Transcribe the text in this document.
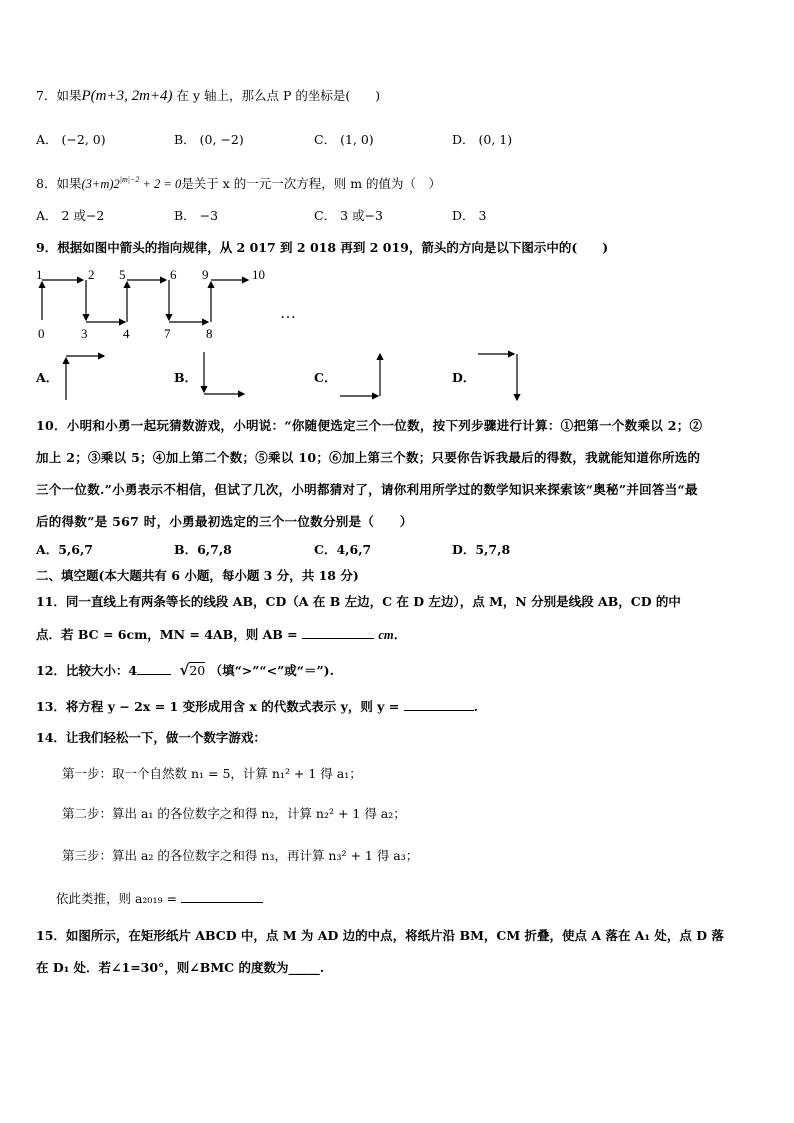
7．如果P(m+3, 2m+4) 在 y 轴上，那么点 P 的坐标是(　　)
A． (−2, 0)	B． (0, −2)	C． (1, 0)	D． (0, 1)
8．如果$(3+m)2^{|m|-2} + 2 = 0$是关于 x 的一元一次方程，则 m 的值为（　）
A． 2 或−2	B． −3	C． 3 或−3	D． 3
9．根据如图中箭头的指向规律，从 2 017 到 2 018 再到 2 019，箭头的方向是以下图示中的(　　)
1	2 5	6 9	10
0	3	4	7	8
…
A．	B．	C．	D．
10．小明和小勇一起玩猜数游戏，小明说：“你随便选定三个一位数，按下列步骤进行计算：①把第一个数乘以 2；②
加上 2；③乘以 5；④加上第二个数；⑤乘以 10；⑥加上第三个数；只要你告诉我最后的得数，我就能知道你所选的
三个一位数.”小勇表示不相信，但试了几次，小明都猜对了，请你利用所学过的数学知识来探索该“奥秘”并回答当“最
后的得数”是 567 时，小勇最初选定的三个一位数分别是（　　）
A．5,6,7	B．6,7,8	C．4,6,7	D．5,7,8
二、填空题(本大题共有 6 小题，每小题 3 分，共 18 分)
11．同一直线上有两条等长的线段 AB，CD（A 在 B 左边，C 在 D 左边），点 M，N 分别是线段 AB，CD 的中
点．若 BC = 6cm，MN = 4AB，则 AB =	cm．
12．比较大小：4	√20 （填“>”“<”或“＝”).
13．将方程 y − 2x = 1 变形成用含 x 的代数式表示 y，则 y =	.
14．让我们轻松一下，做一个数字游戏：
第一步：取一个自然数 n₁ = 5，计算 n₁² + 1 得 a₁；
第二步：算出 a₁ 的各位数字之和得 n₂，计算 n₂² + 1 得 a₂；
第三步：算出 a₂ 的各位数字之和得 n₃，再计算 n₃² + 1 得 a₃；
依此类推，则 a₂₀₁₉ =
15．如图所示，在矩形纸片 ABCD 中，点 M 为 AD 边的中点，将纸片沿 BM，CM 折叠，使点 A 落在 A₁ 处，点 D 落
在 D₁ 处．若∠1=30°，则∠BMC 的度数为_____.
